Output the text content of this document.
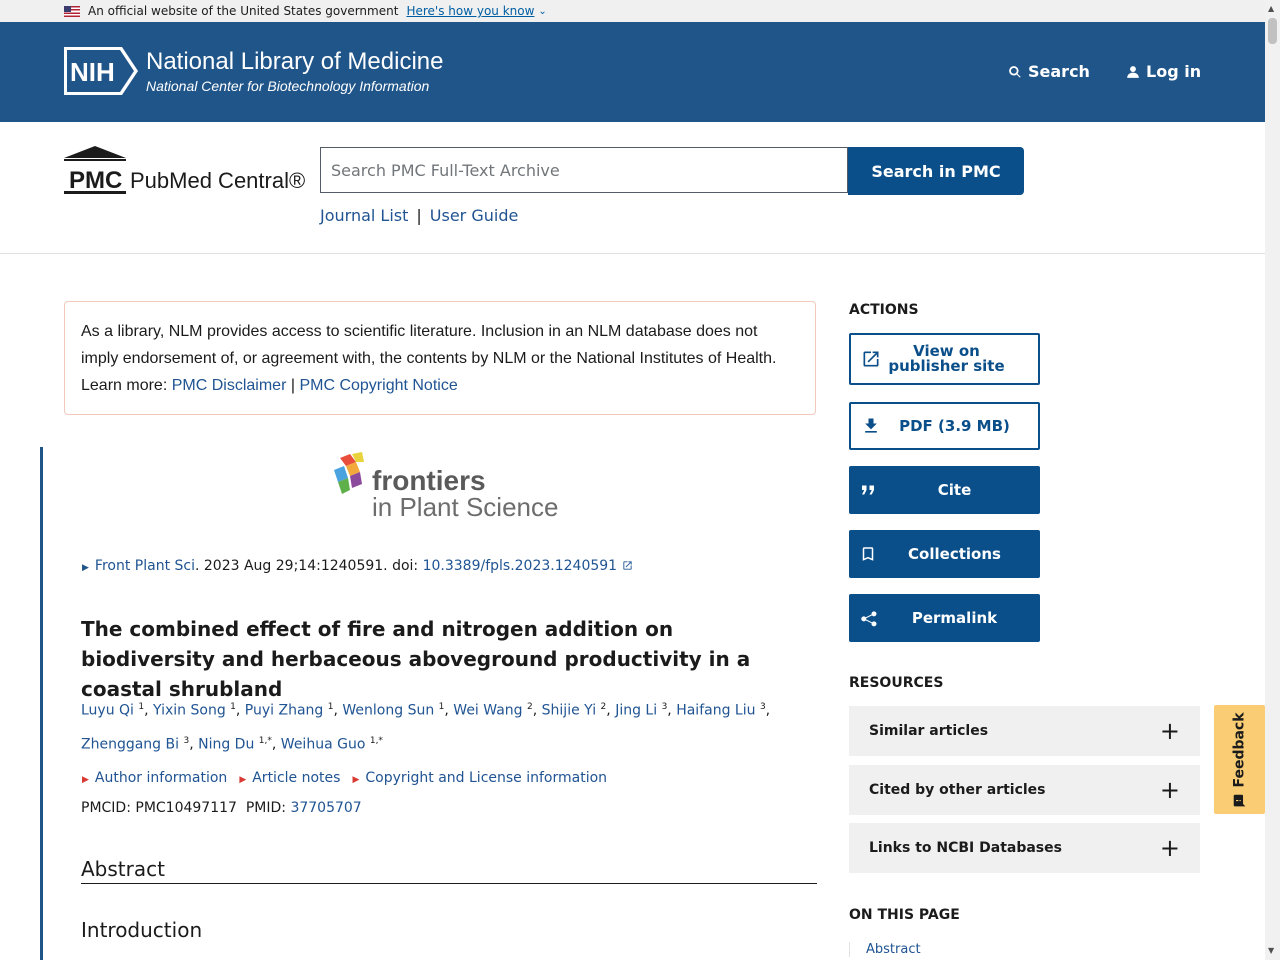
An official website of the United States government Here's how you know ⌄
NIH National Library of Medicine
National Center for Biotechnology Information
Search	Log in
PMC PubMed Central®
Search PMC Full-Text Archive	Search in PMC
Journal List | User Guide
As a library, NLM provides access to scientific literature. Inclusion in an NLM database does not imply endorsement of, or agreement with, the contents by NLM or the National Institutes of Health. Learn more: PMC Disclaimer | PMC Copyright Notice
frontiers
in Plant Science
▶ Front Plant Sci. 2023 Aug 29;14:1240591. doi: 10.3389/fpls.2023.1240591
The combined effect of fire and nitrogen addition on biodiversity and herbaceous aboveground productivity in a coastal shrubland
Luyu Qi $^1$, Yixin Song $^1$, Puyi Zhang $^1$, Wenlong Sun $^1$, Wei Wang $^2$, Shijie Yi $^2$, Jing Li $^3$, Haifang Liu $^3$, Zhenggang Bi $^3$, Ning Du $^{1,*}$, Weihua Guo $^{1,*}$
▶ Author information ▶ Article notes ▶ Copyright and License information
PMCID: PMC10497117 PMID: 37705707
Abstract
Introduction
ACTIONS
View on publisher site
PDF (3.9 MB)
Cite
Collections
Permalink
RESOURCES
Similar articles	+
Cited by other articles	+
Links to NCBI Databases	+
ON THIS PAGE
Abstract
Feedback
▲
▼
